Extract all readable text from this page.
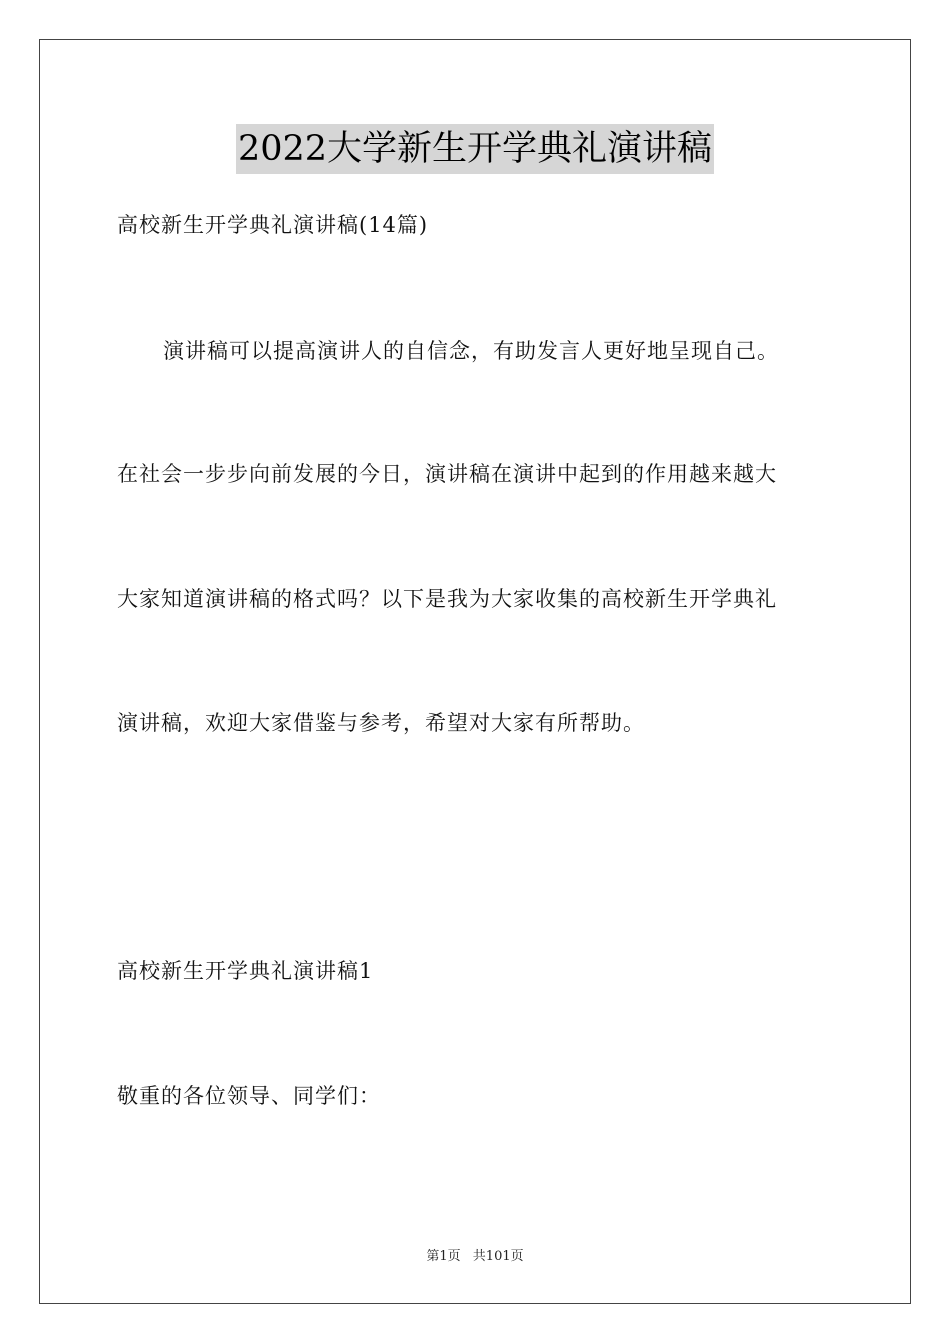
2022大学新生开学典礼演讲稿
高校新生开学典礼演讲稿(14篇)
演讲稿可以提高演讲人的自信念，有助发言人更好地呈现自己。
在社会一步步向前发展的今日，演讲稿在演讲中起到的作用越来越大
大家知道演讲稿的格式吗？以下是我为大家收集的高校新生开学典礼
演讲稿，欢迎大家借鉴与参考，希望对大家有所帮助。
高校新生开学典礼演讲稿1
敬重的各位领导、同学们：
第1页 共101页
